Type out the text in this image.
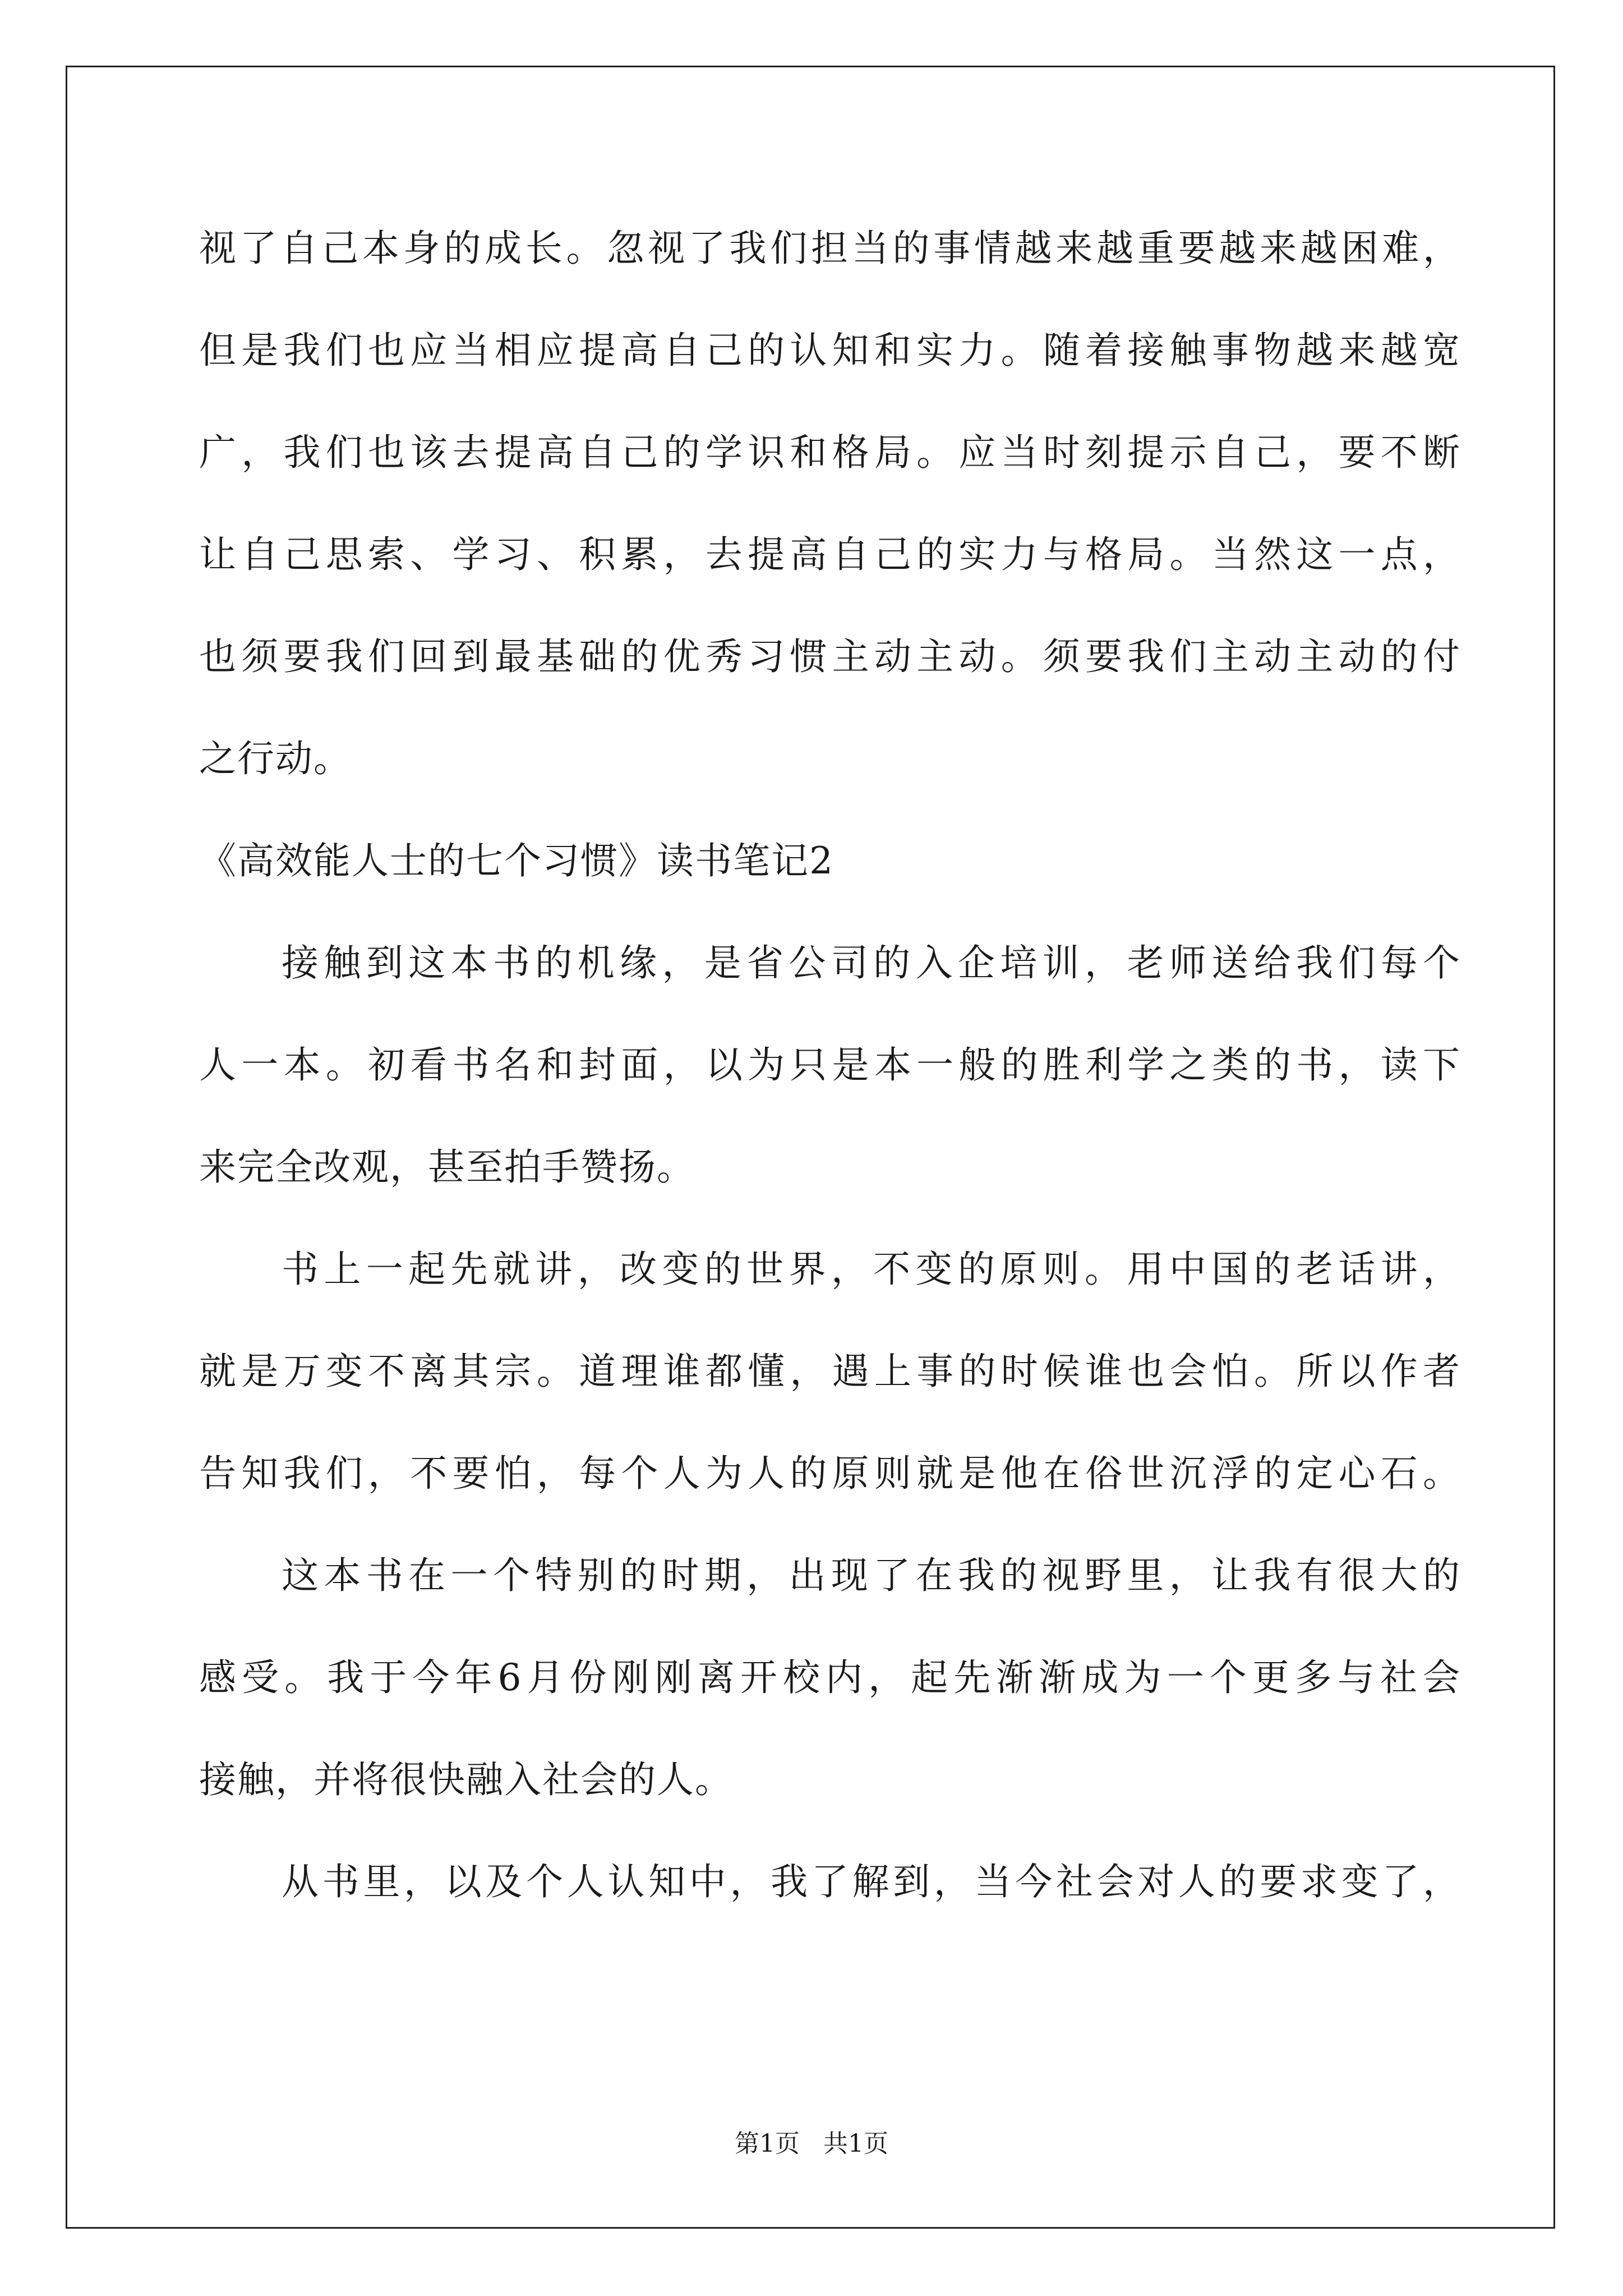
视了自己本身的成长。忽视了我们担当的事情越来越重要越来越困难，
但是我们也应当相应提高自己的认知和实力。随着接触事物越来越宽
广，我们也该去提高自己的学识和格局。应当时刻提示自己，要不断
让自己思索、学习、积累，去提高自己的实力与格局。当然这一点，
也须要我们回到最基础的优秀习惯主动主动。须要我们主动主动的付
之行动。
《高效能人士的七个习惯》读书笔记2
接触到这本书的机缘，是省公司的入企培训，老师送给我们每个
人一本。初看书名和封面，以为只是本一般的胜利学之类的书，读下
来完全改观，甚至拍手赞扬。
书上一起先就讲，改变的世界，不变的原则。用中国的老话讲，
就是万变不离其宗。道理谁都懂，遇上事的时候谁也会怕。所以作者
告知我们，不要怕，每个人为人的原则就是他在俗世沉浮的定心石。
这本书在一个特别的时期，出现了在我的视野里，让我有很大的
感受。我于今年6月份刚刚离开校内，起先渐渐成为一个更多与社会
接触，并将很快融入社会的人。
从书里，以及个人认知中，我了解到，当今社会对人的要求变了，
第1页   共1页
